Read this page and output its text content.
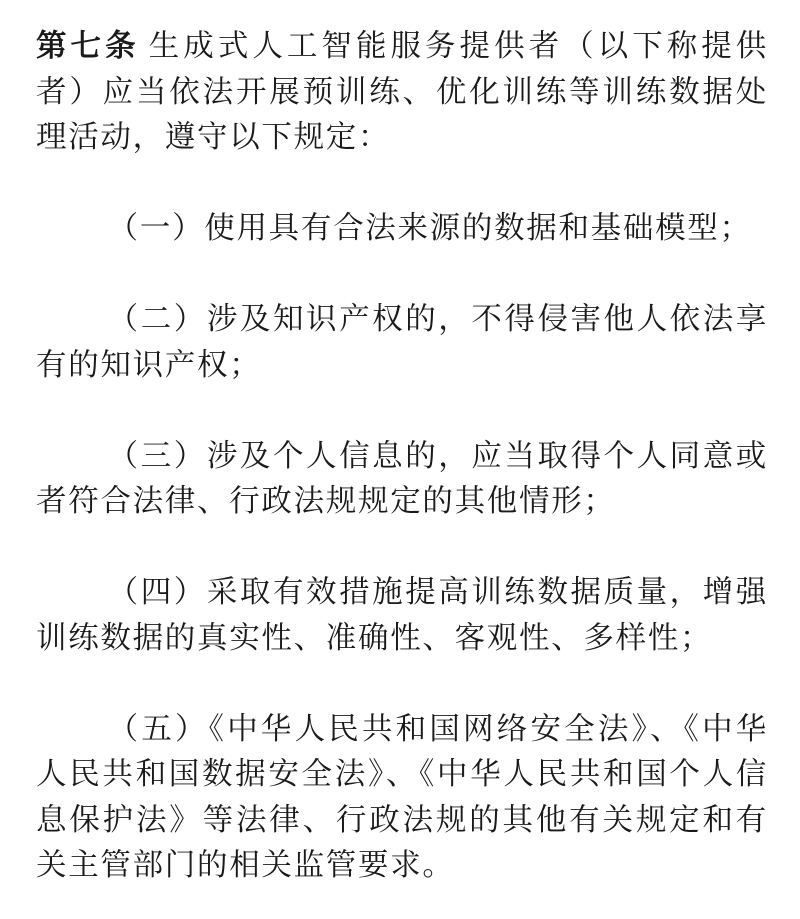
第七条 生成式人工智能服务提供者（以下称提供者）应当依法开展预训练、优化训练等训练数据处理活动，遵守以下规定：

（一）使用具有合法来源的数据和基础模型；

（二）涉及知识产权的，不得侵害他人依法享有的知识产权；

（三）涉及个人信息的，应当取得个人同意或者符合法律、行政法规规定的其他情形；

（四）采取有效措施提高训练数据质量，增强训练数据的真实性、准确性、客观性、多样性；

（五）《中华人民共和国网络安全法》、《中华人民共和国数据安全法》、《中华人民共和国个人信息保护法》等法律、行政法规的其他有关规定和有关主管部门的相关监管要求。
